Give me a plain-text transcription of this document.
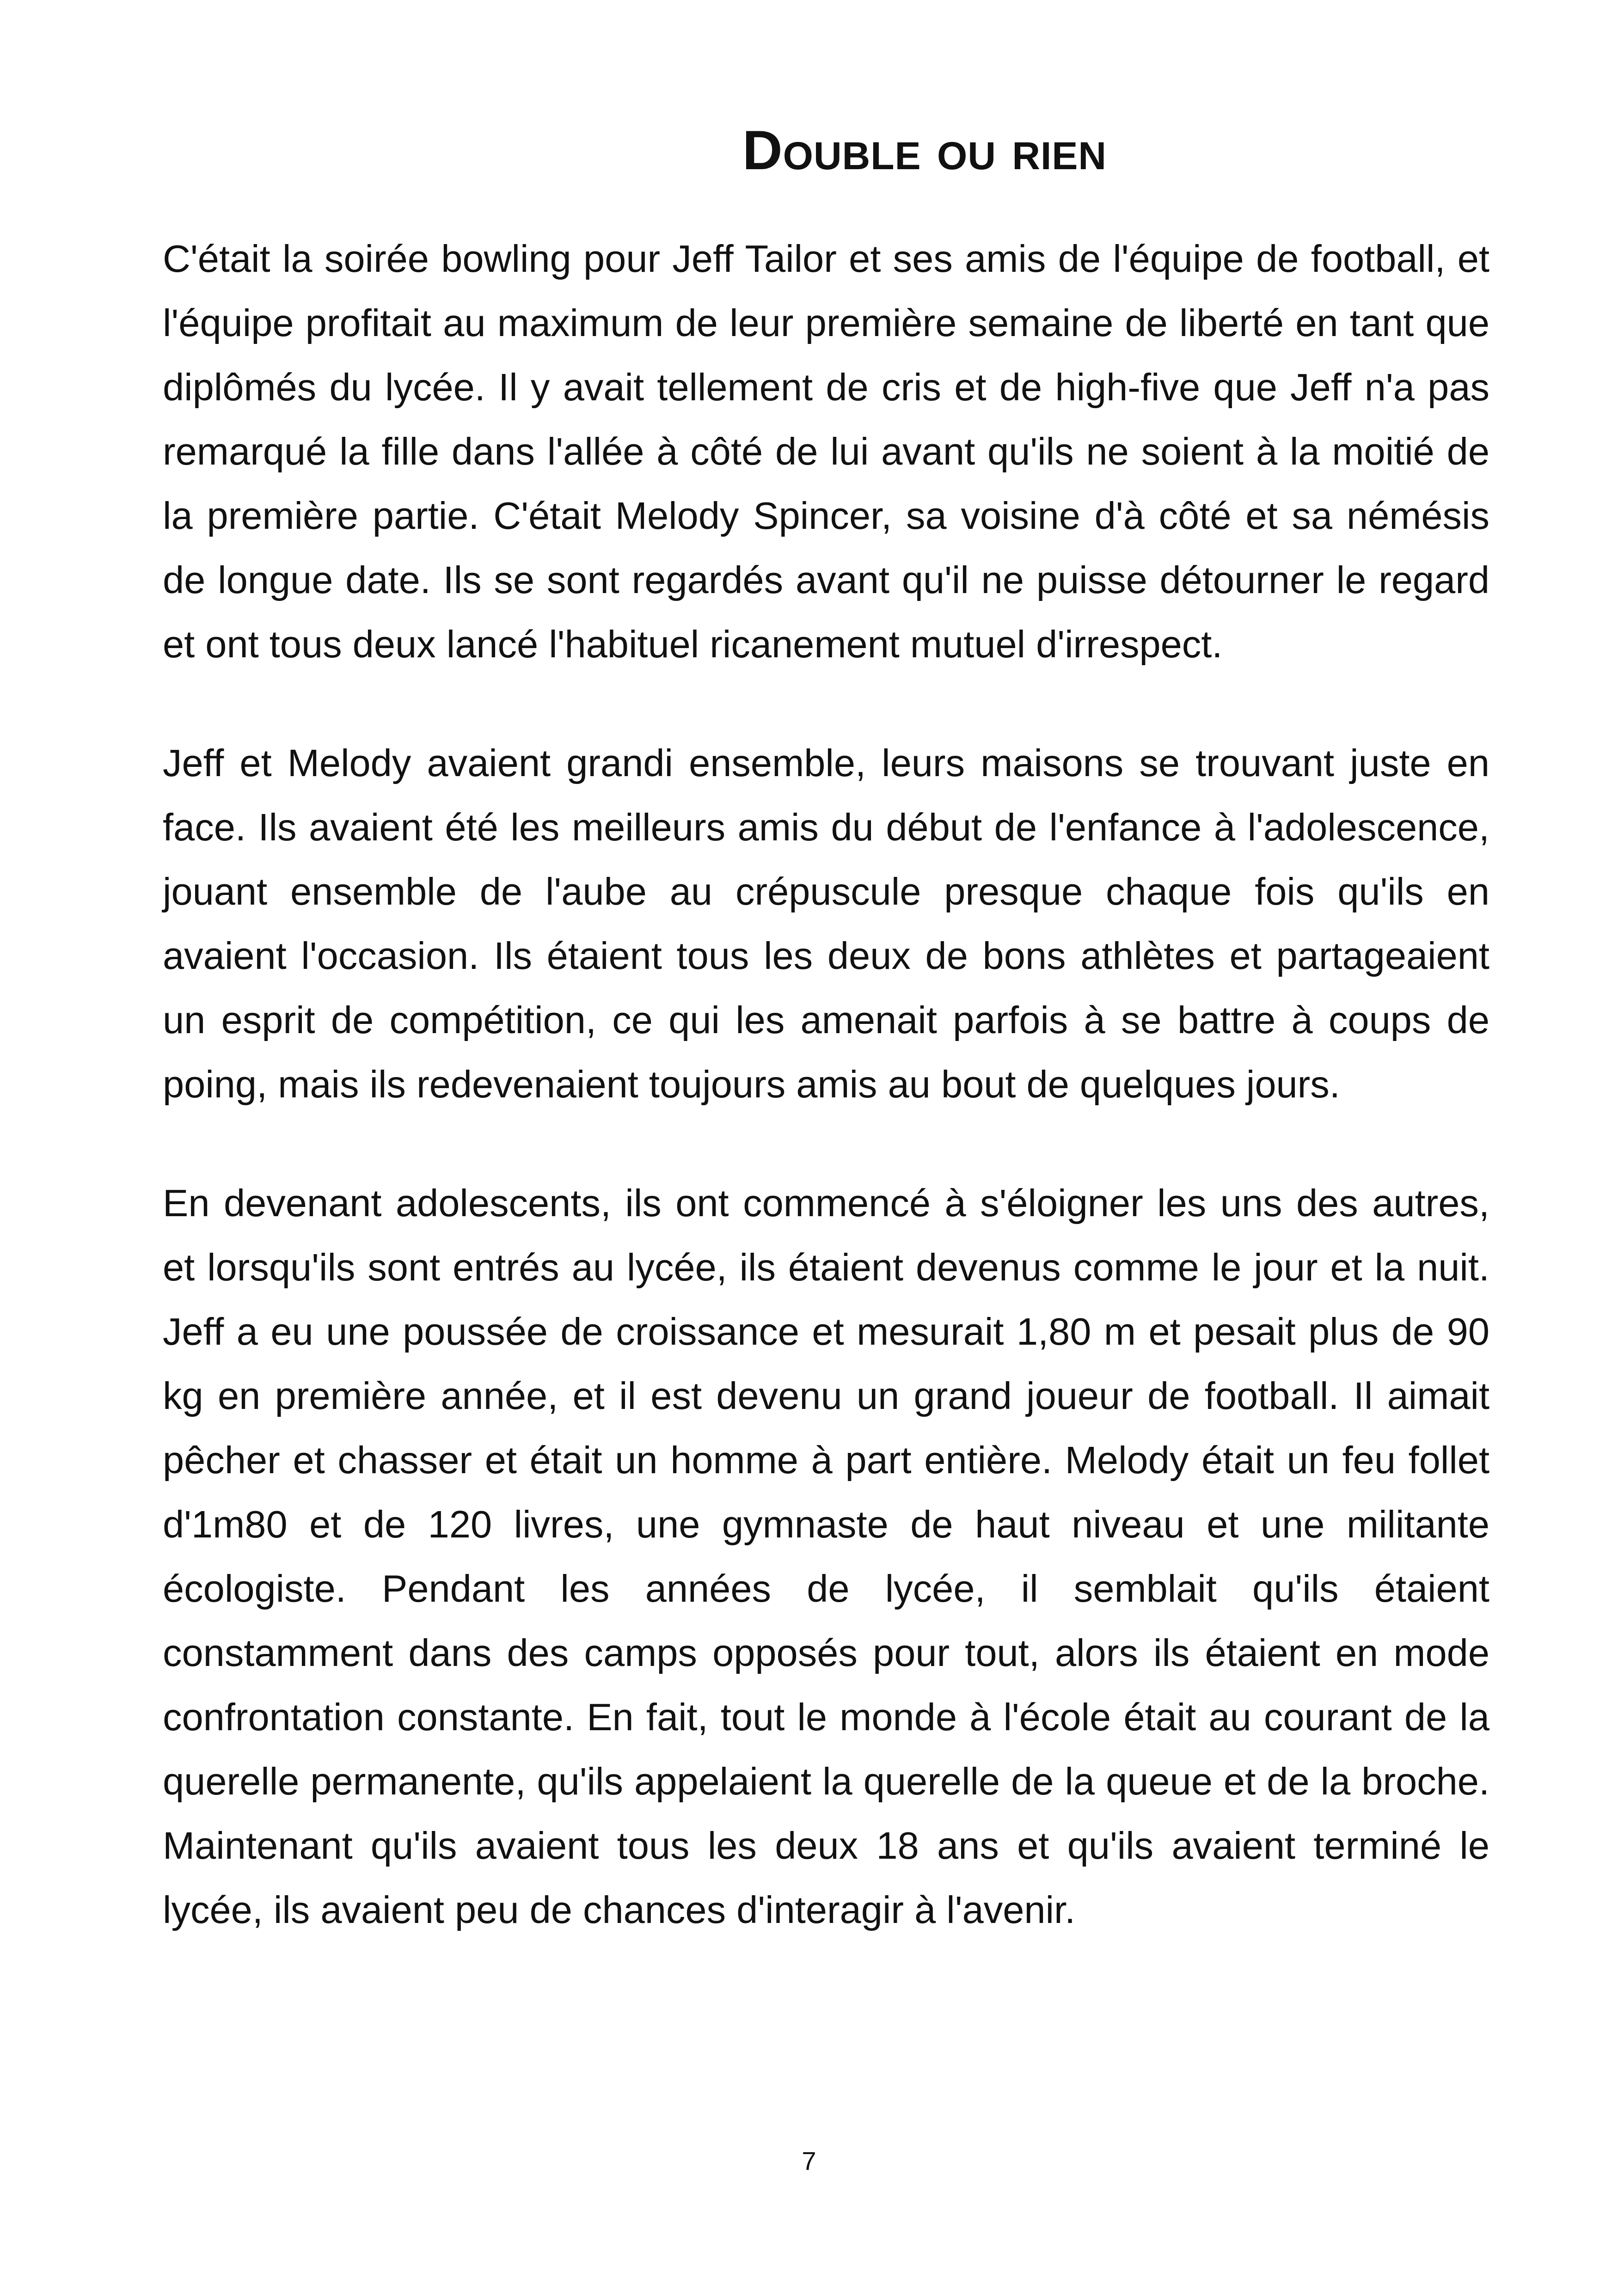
Double ou rien

C'était la soirée bowling pour Jeff Tailor et ses amis de l'équipe de football, et l'équipe profitait au maximum de leur première semaine de liberté en tant que diplômés du lycée. Il y avait tellement de cris et de high-five que Jeff n'a pas remarqué la fille dans l'allée à côté de lui avant qu'ils ne soient à la moitié de la première partie. C'était Melody Spincer, sa voisine d'à côté et sa némésis de longue date. Ils se sont regardés avant qu'il ne puisse détourner le regard et ont tous deux lancé l'habituel ricanement mutuel d'irrespect.

Jeff et Melody avaient grandi ensemble, leurs maisons se trouvant juste en face. Ils avaient été les meilleurs amis du début de l'enfance à l'adolescence, jouant ensemble de l'aube au crépuscule presque chaque fois qu'ils en avaient l'occasion. Ils étaient tous les deux de bons athlètes et partageaient un esprit de compétition, ce qui les amenait parfois à se battre à coups de poing, mais ils redevenaient toujours amis au bout de quelques jours.

En devenant adolescents, ils ont commencé à s'éloigner les uns des autres, et lorsqu'ils sont entrés au lycée, ils étaient devenus comme le jour et la nuit. Jeff a eu une poussée de croissance et mesurait 1,80 m et pesait plus de 90 kg en première année, et il est devenu un grand joueur de football. Il aimait pêcher et chasser et était un homme à part entière. Melody était un feu follet d'1m80 et de 120 livres, une gymnaste de haut niveau et une militante écologiste. Pendant les années de lycée, il semblait qu'ils étaient constamment dans des camps opposés pour tout, alors ils étaient en mode confrontation constante. En fait, tout le monde à l'école était au courant de la querelle permanente, qu'ils appelaient la querelle de la queue et de la broche. Maintenant qu'ils avaient tous les deux 18 ans et qu'ils avaient terminé le lycée, ils avaient peu de chances d'interagir à l'avenir.

7
